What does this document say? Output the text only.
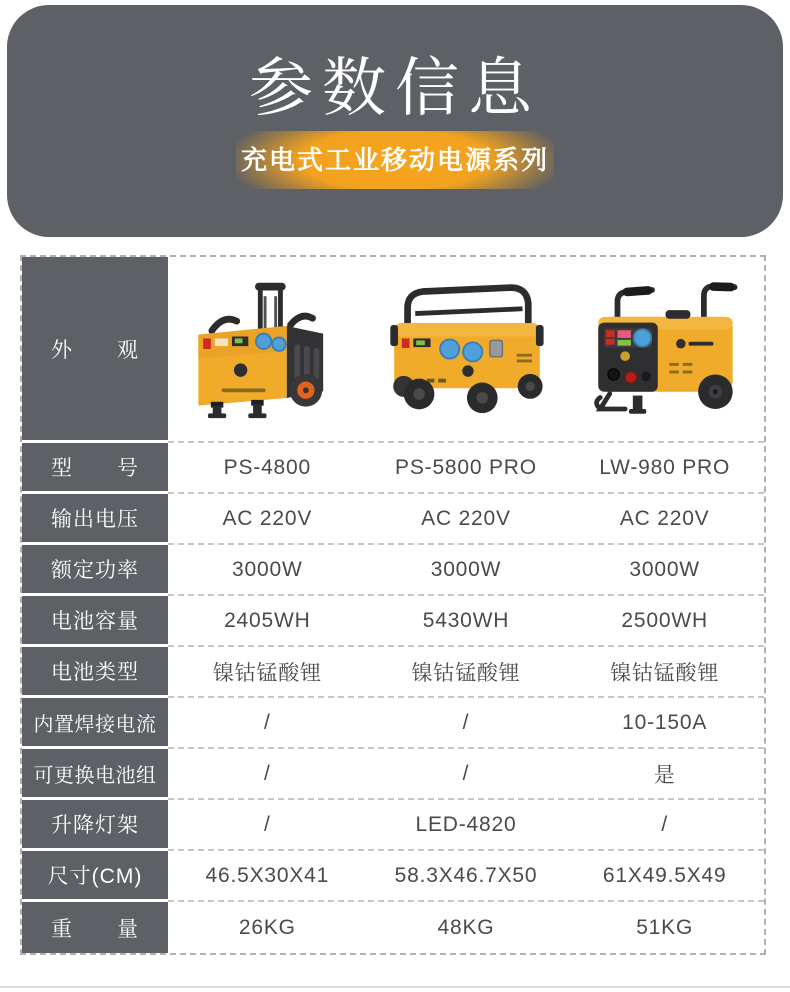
参数信息
充电式工业移动电源系列
外　　观
型　　号	PS-4800	PS-5800 PRO	LW-980 PRO
输出电压	AC 220V	AC 220V	AC 220V
额定功率	3000W	3000W	3000W
电池容量	2405WH	5430WH	2500WH
电池类型	镍钴锰酸锂	镍钴锰酸锂	镍钴锰酸锂
内置焊接电流	/	/	10-150A
可更换电池组	/	/	是
升降灯架	/	LED-4820	/
尺寸(CM)	46.5X30X41	58.3X46.7X50	61X49.5X49
重　　量	26KG	48KG	51KG
